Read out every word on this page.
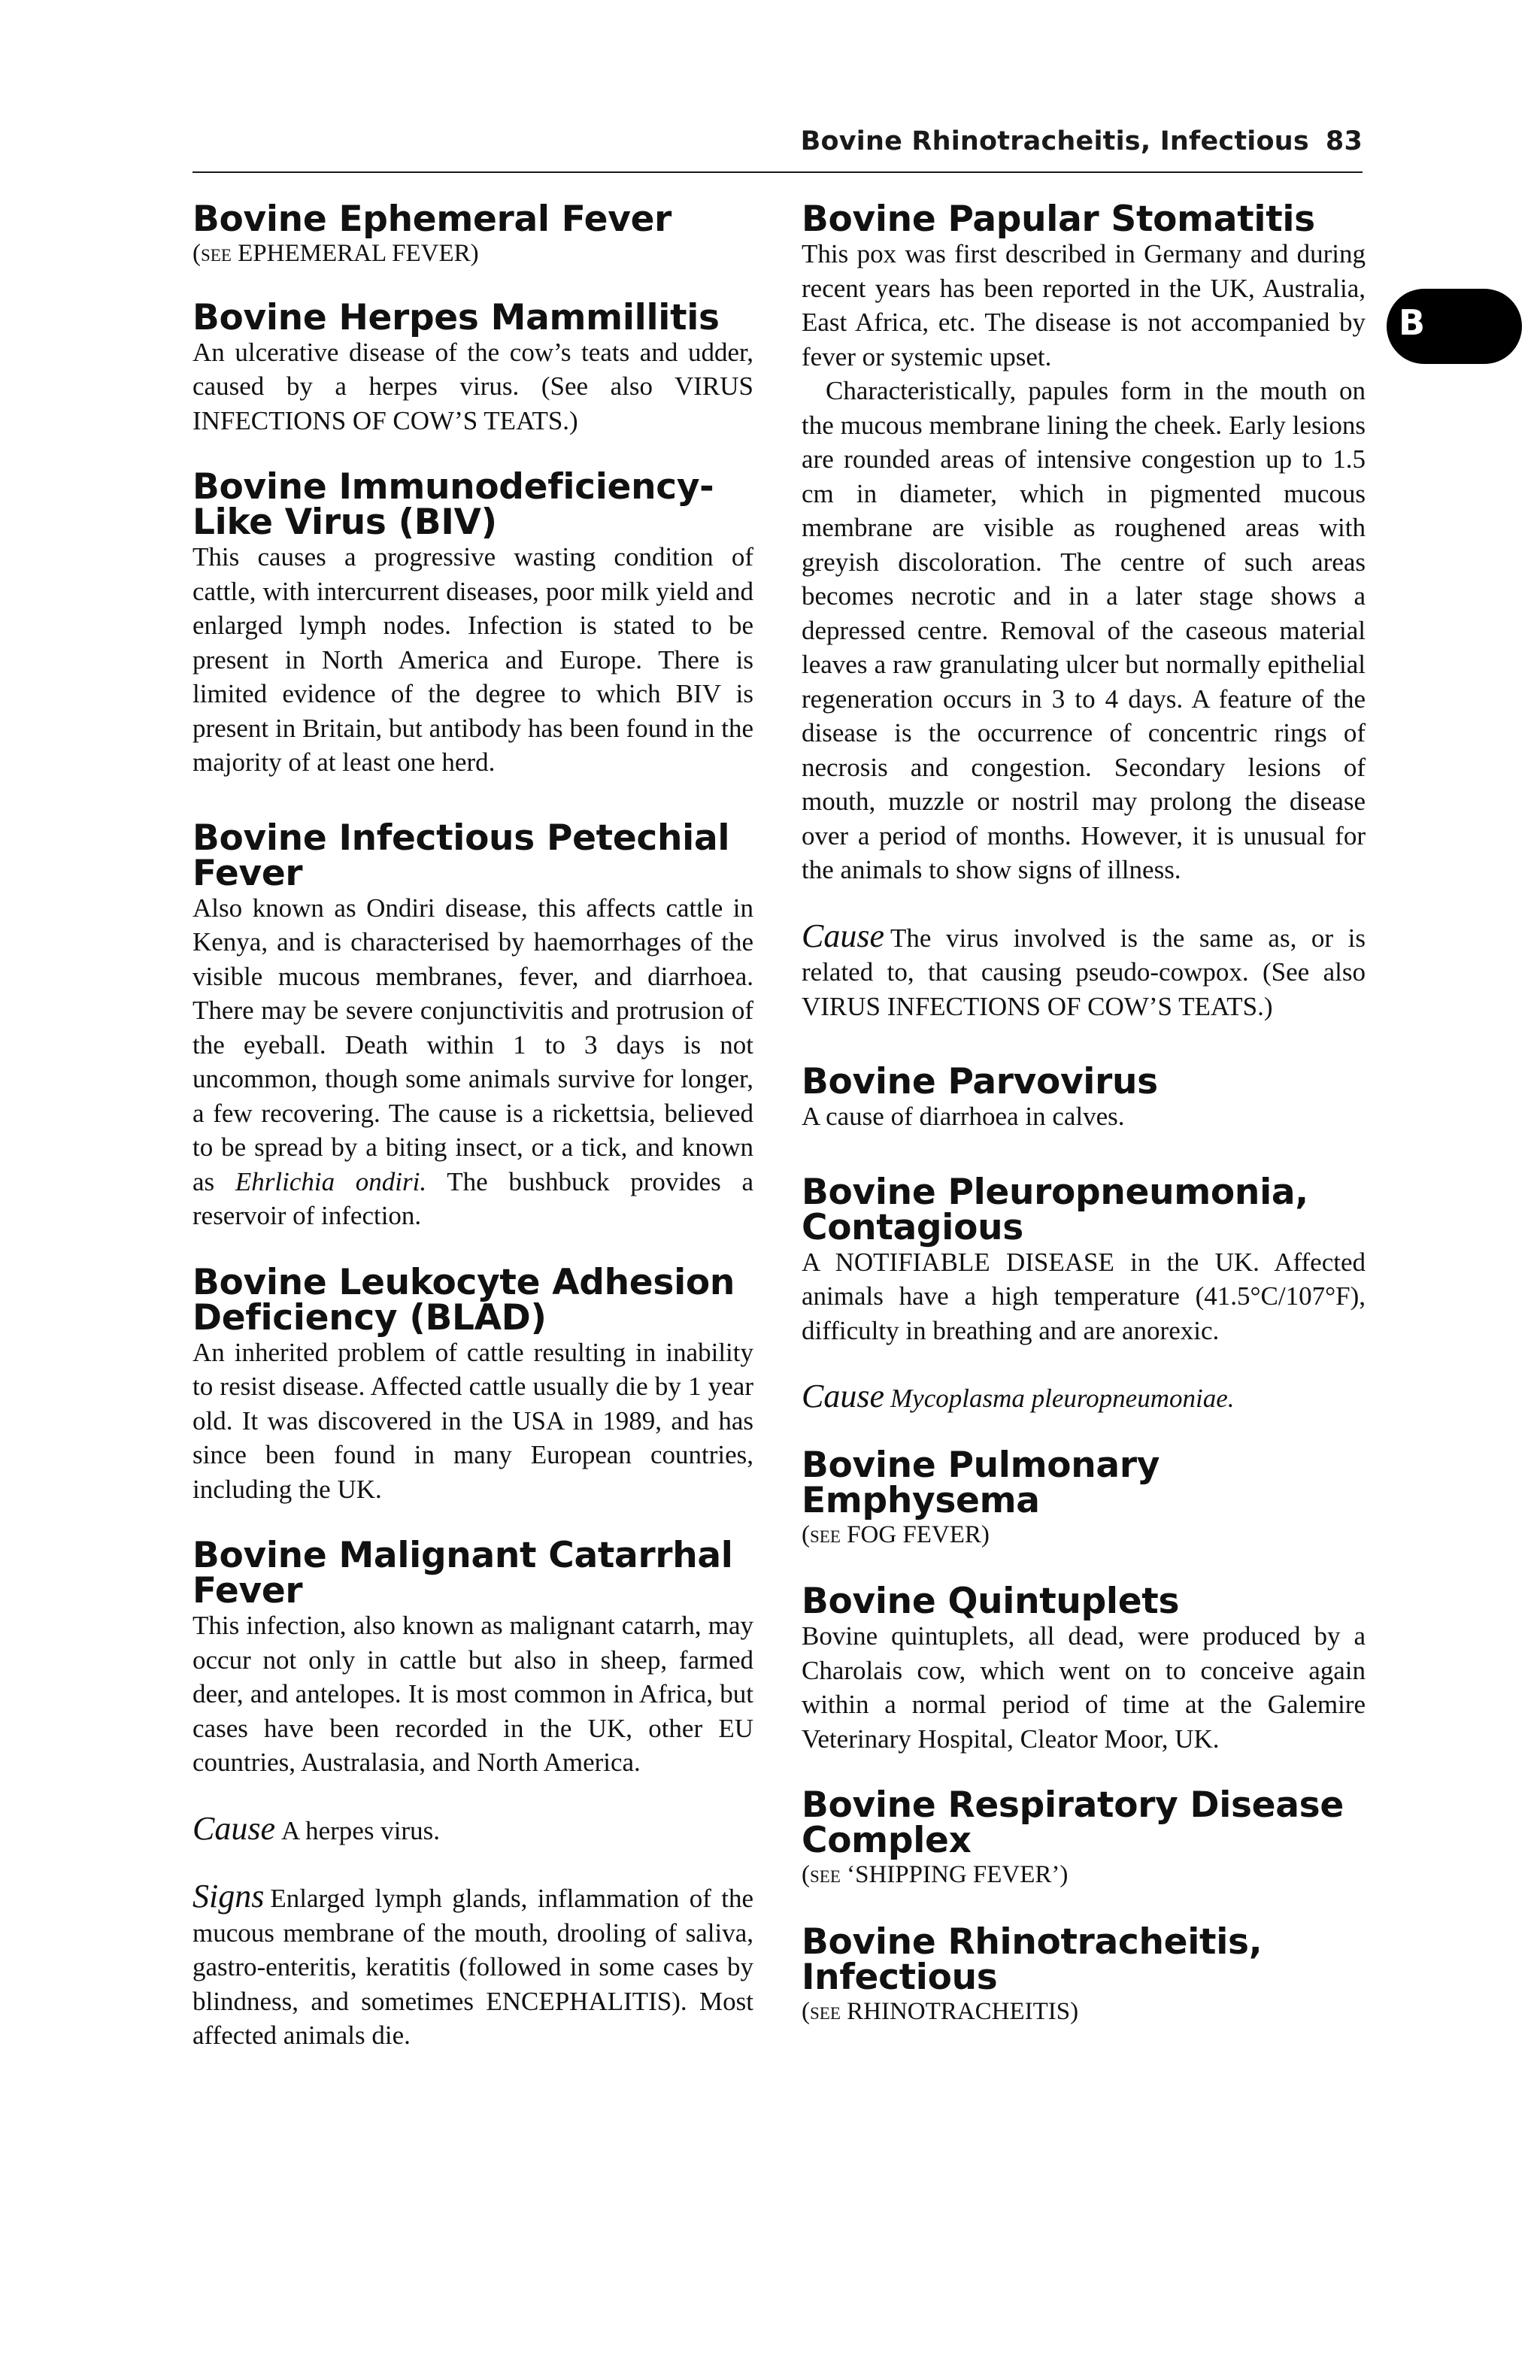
Bovine Rhinotracheitis, Infectious 83
B
Bovine Ephemeral Fever

(see EPHEMERAL FEVER)

Bovine Herpes Mammillitis

An ulcerative disease of the cow’s teats and udder, caused by a herpes virus. (See also VIRUS INFECTIONS OF COW’S TEATS.)

Bovine Immunodeficiency-Like Virus (BIV)

This causes a progressive wasting condition of cattle, with intercurrent diseases, poor milk yield and enlarged lymph nodes. Infection is stated to be present in North America and Europe. There is limited evidence of the degree to which BIV is present in Britain, but antibody has been found in the majority of at least one herd.

Bovine Infectious Petechial Fever

Also known as Ondiri disease, this affects cattle in Kenya, and is characterised by haemorrhages of the visible mucous membranes, fever, and diarrhoea. There may be severe conjunctivitis and protrusion of the eyeball. Death within 1 to 3 days is not uncommon, though some animals survive for longer, a few recovering. The cause is a rickettsia, believed to be spread by a biting insect, or a tick, and known as Ehrlichia ondiri. The bushbuck provides a reservoir of infection.

Bovine Leukocyte Adhesion Deficiency (BLAD)

An inherited problem of cattle resulting in inability to resist disease. Affected cattle usually die by 1 year old. It was discovered in the USA in 1989, and has since been found in many European countries, including the UK.

Bovine Malignant Catarrhal Fever

This infection, also known as malignant catarrh, may occur not only in cattle but also in sheep, farmed deer, and antelopes. It is most common in Africa, but cases have been recorded in the UK, other EU countries, Australasia, and North America.

Cause A herpes virus.

Signs Enlarged lymph glands, inflammation of the mucous membrane of the mouth, drooling of saliva, gastro-enteritis, keratitis (followed in some cases by blindness, and sometimes ENCEPHALITIS). Most affected animals die.

Bovine Papular Stomatitis

This pox was first described in Germany and during recent years has been reported in the UK, Australia, East Africa, etc. The disease is not accompanied by fever or systemic upset.

Characteristically, papules form in the mouth on the mucous membrane lining the cheek. Early lesions are rounded areas of intensive congestion up to 1.5 cm in diameter, which in pigmented mucous membrane are visible as roughened areas with greyish discoloration. The centre of such areas becomes necrotic and in a later stage shows a depressed centre. Removal of the caseous material leaves a raw granulating ulcer but normally epithelial regeneration occurs in 3 to 4 days. A feature of the disease is the occurrence of concentric rings of necrosis and congestion. Secondary lesions of mouth, muzzle or nostril may prolong the disease over a period of months. However, it is unusual for the animals to show signs of illness.

Cause The virus involved is the same as, or is related to, that causing pseudo-cowpox. (See also VIRUS INFECTIONS OF COW’S TEATS.)

Bovine Parvovirus

A cause of diarrhoea in calves.

Bovine Pleuropneumonia, Contagious

A NOTIFIABLE DISEASE in the UK. Affected animals have a high temperature (41.5°C/107°F), difficulty in breathing and are anorexic.

Cause Mycoplasma pleuropneumoniae.

Bovine Pulmonary Emphysema

(see FOG FEVER)

Bovine Quintuplets

Bovine quintuplets, all dead, were produced by a Charolais cow, which went on to conceive again within a normal period of time at the Galemire Veterinary Hospital, Cleator Moor, UK.

Bovine Respiratory Disease Complex

(see ‘SHIPPING FEVER’)

Bovine Rhinotracheitis, Infectious

(see RHINOTRACHEITIS)
